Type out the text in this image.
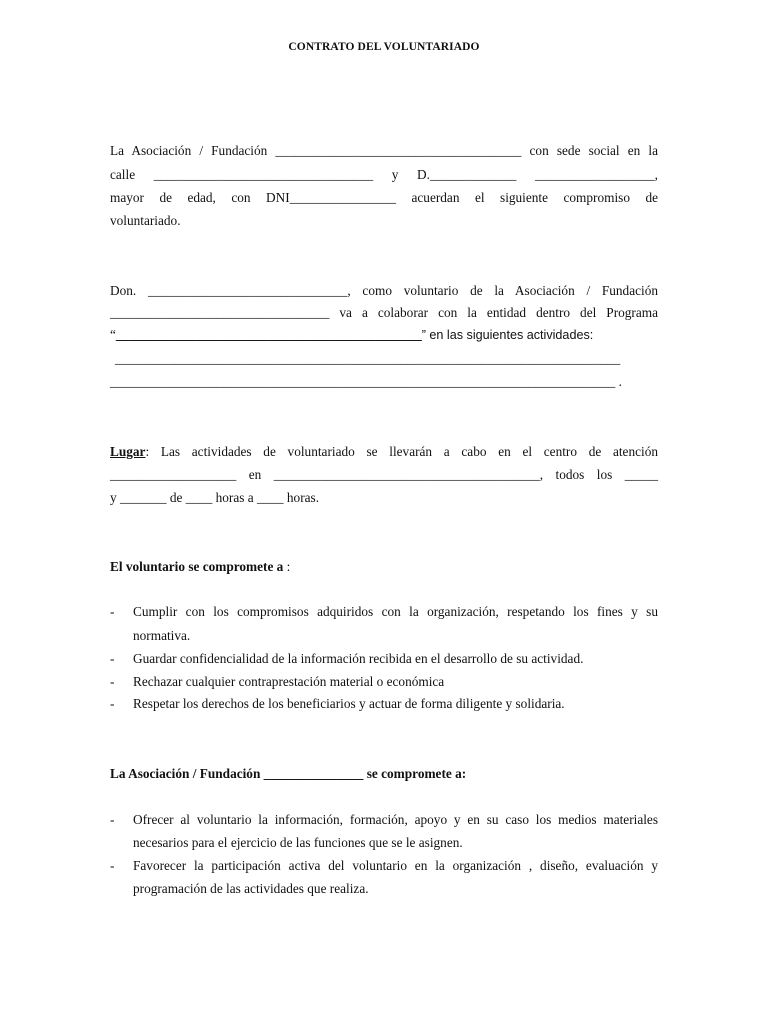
CONTRATO DEL VOLUNTARIADO
La Asociación / Fundación _____________________________________ con sede social en la
calle _________________________________ y D._____________ __________________,
mayor de edad, con DNI________________ acuerdan el siguiente compromiso de
voluntariado.
Don. ______________________________, como voluntario de la Asociación / Fundación
_________________________________ va a colaborar con la entidad dentro del Programa
“______________________________________________” en las siguientes actividades:
____________________________________________________________________________
____________________________________________________________________________ .
Lugar: Las actividades de voluntariado se llevarán a cabo en el centro de atención
___________________ en ________________________________________, todos los _____
y _______ de ____ horas a ____ horas.
El voluntario se compromete a :
- Cumplir con los compromisos adquiridos con la organización, respetando los fines y su
normativa.
- Guardar confidencialidad de la información recibida en el desarrollo de su actividad.
- Rechazar cualquier contraprestación material o económica
- Respetar los derechos de los beneficiarios y actuar de forma diligente y solidaria.
La Asociación / Fundación _______________ se compromete a:
- Ofrecer al voluntario la información, formación, apoyo y en su caso los medios materiales
necesarios para el ejercicio de las funciones que se le asignen.
- Favorecer la participación activa del voluntario en la organización , diseño, evaluación y
programación de las actividades que realiza.
